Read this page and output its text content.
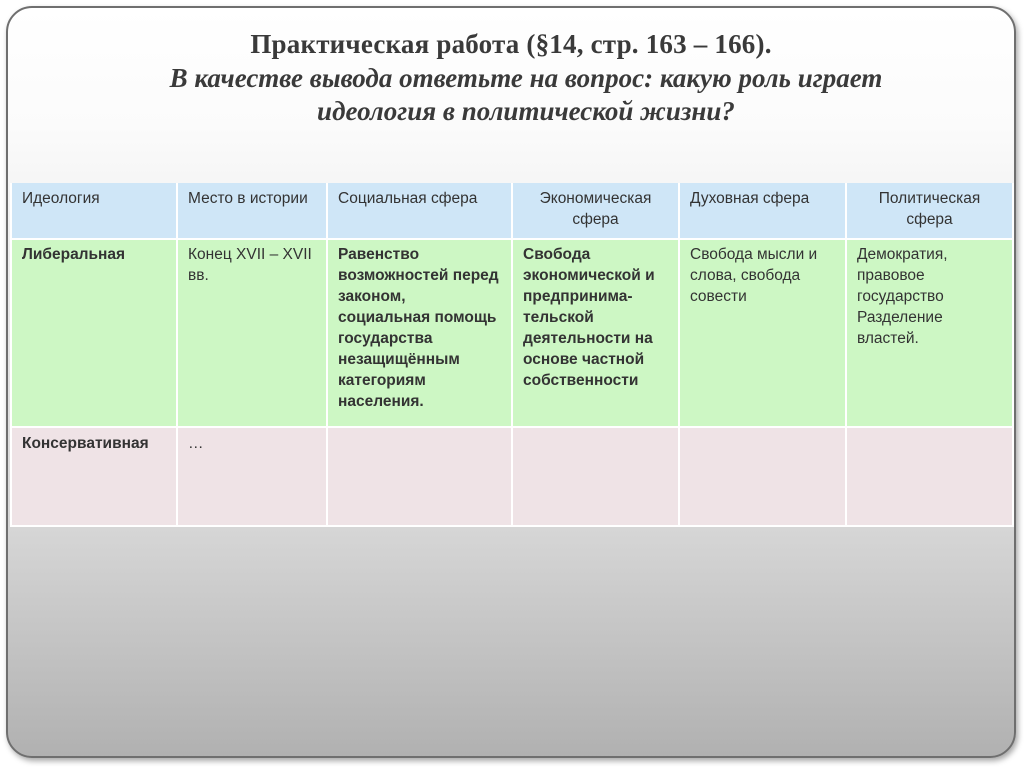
Практическая работа (§14, стр. 163 – 166).
В качестве вывода ответьте на вопрос: какую роль играет
идеология в политической жизни?
Идеология	Место в истории	Социальная сфера	Экономическая сфера	Духовная сфера	Политическая сфера
Либеральная	Конец XVII – XVII вв.	Равенство возможностей перед законом, социальная помощь государства незащищённым категориям населения.	Свобода экономической и предпринима-тельской деятельности на основе частной собственности	Свобода мысли и слова, свобода совести	Демократия, правовое государство Разделение властей.
Консервативная	…				
